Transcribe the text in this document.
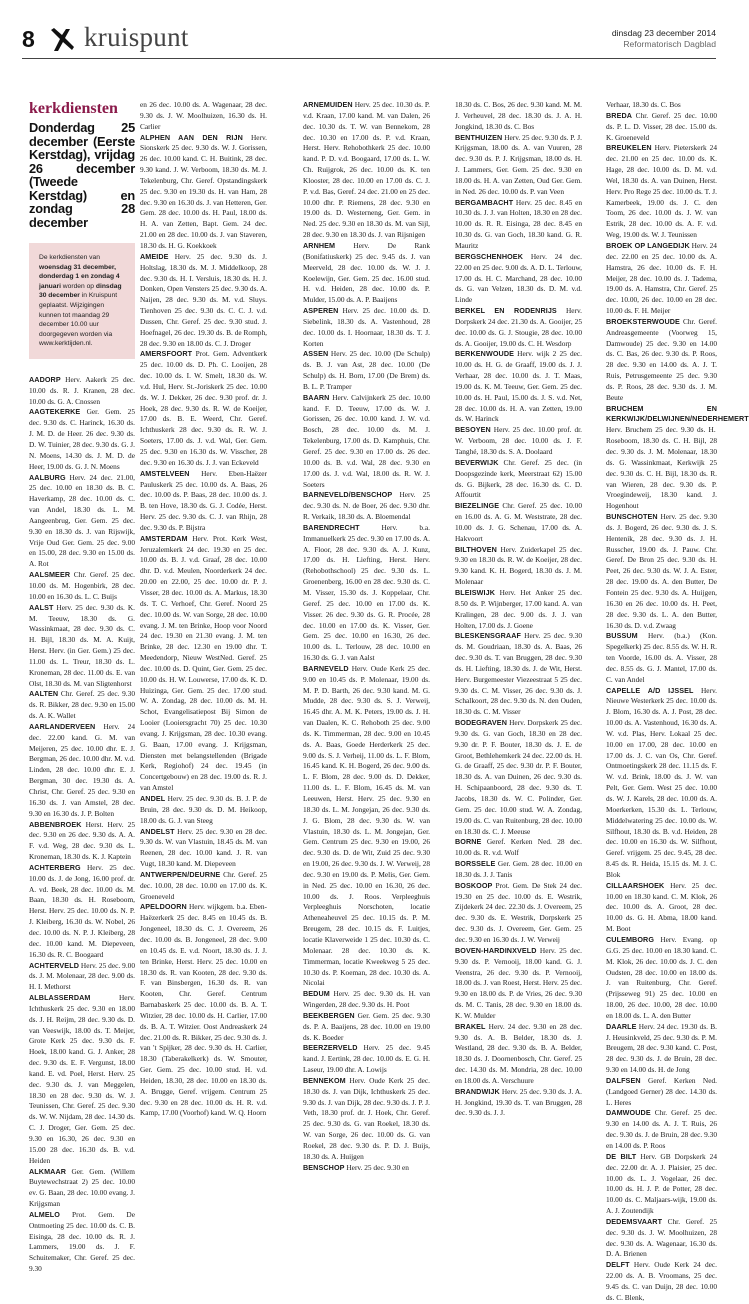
8 kruispunt	dinsdag 23 december 2014
Reformatorisch Dagblad
kerkdiensten
Donderdag 25 december (Eerste Kerstdag), vrijdag 26 december (Tweede Kerstdag) en zondag 28 december
De kerkdiensten van woensdag 31 december, donderdag 1 en zondag 4 januari worden op dinsdag 30 december in Kruispunt geplaatst. Wijzigingen kunnen tot maandag 29 december 10.00 uur doorgegeven worden via www.kerktijden.nl.

AADORP Herv. Aakerk 25 dec. 10.00 ds. R. J. Kranen, 28 dec. 10.00 ds. G. A. Cnossen

AAGTEKERKE Ger. Gem. 25 dec. 9.30 ds. C. Harinck, 16.30 ds. J. M. D. de Heer. 26 dec. 9.30 ds. D. W. Tuinier, 28 dec. 9.30 ds. G. J. N. Moens, 14.30 ds. J. M. D. de Heer, 19.00 ds. G. J. N. Moens

AALBURG Herv. 24 dec. 21.00, 25 dec. 10.00 en 18.30 ds. B. C. Haverkamp, 28 dec. 10.00 ds. C. van Andel, 18.30 ds. L. M. Aangeenbrug, Ger. Gem. 25 dec. 9.30 en 18.30 ds. J. van Rijswijk, Vrije Oud Ger. Gem. 25 dec. 9.00 en 15.00, 28 dec. 9.30 en 15.00 ds. A. Rot

AALSMEER Chr. Geref. 25 dec. 10.00 ds. M. Hogenbirk, 28 dec. 10.00 en 16.30 ds. L. C. Buijs

AALST Herv. 25 dec. 9.30 ds. K. M. Teeuw, 18.30 ds. G. Wassinkmaat, 28 dec. 9.30 ds. C. H. Bijl, 18.30 ds. M. A. Kuijt, Herst. Herv. (in Ger. Gem.) 25 dec. 11.00 ds. L. Treur, 18.30 ds. L. Kroneman, 28 dec. 11.00 ds. E. van Olst, 18.30 ds. M. van Sligtenhorst

AALTEN Chr. Geref. 25 dec. 9.30 ds. R. Bikker, 28 dec. 9.30 en 15.00 ds. A. K. Wallet

AARLANDERVEEN Herv. 24 dec. 22.00 kand. G. M. van Meijeren, 25 dec. 10.00 dhr. E. J. Bergman, 26 dec. 10.00 dhr. M. v.d. Linden, 28 dec. 10.00 dhr. E. J. Bergman, 30 dec. 19.30 ds. A. Christ, Chr. Geref. 25 dec. 9.30 en 16.30 ds. J. van Amstel, 28 dec. 9.30 en 16.30 ds. J. P. Bolten

ABBENBROEK Herst. Herv. 25 dec. 9.30 en 26 dec. 9.30 ds. A. A. F. v.d. Weg, 28 dec. 9.30 ds. L. Kroneman, 18.30 ds. K. J. Kaptein

ACHTERBERG Herv. 25 dec. 10.00 ds. J. de Jong, 16.00 prof. dr. A. vd. Beek, 28 dec. 10.00 ds. M. Baan, 18.30 ds. H. Roseboom, Herst. Herv. 25 dec. 10.00 ds. N. P. J. Kleiberg, 16.30 ds. W. Nobel, 26 dec. 10.00 ds. N. P. J. Kleiberg, 28 dec. 10.00 kand. M. Diepeveen, 16.30 ds. R. C. Boogaard

ACHTERVELD Herv. 25 dec. 9.00 ds. J. M. Molenaar, 28 dec. 9.00 ds. H. I. Methorst

ALBLASSERDAM Herv. Ichthuskerk 25 dec. 9.30 en 18.00 ds. J. H. Reijm, 28 dec. 9.30 ds. D. van Veeswijk, 18.00 ds. T. Meijer, Grote Kerk 25 dec. 9.30 ds. F. Hoek, 18.00 kand. G. J. Anker, 28 dec. 9.30 ds. E. F. Vergunst, 18.00 kand. E. vd. Poel, Herst. Herv. 25 dec. 9.30 ds. J. van Meggelen, 18.30 en 28 dec. 9.30 ds. W. J. Teunissen, Chr. Geref. 25 dec. 9.30 ds. W. W. Nijdam, 28 dec. 14.30 ds. C. J. Droger, Ger. Gem. 25 dec. 9.30 en 16.30, 26 dec. 9.30 en 15.00 28 dec. 16.30 ds. B. v.d. Heiden

ALKMAAR Ger. Gem. (Willem Buytewechstraat 2) 25 dec. 10.00 ev. G. Baan, 28 dec. 10.00 evang. J. Krijgsman

ALMELO Prot. Gem. De Ontmoeting 25 dec. 10.00 ds. C. B. Eisinga, 28 dec. 10.00 ds. R. J. Lammers, 19.00 ds. J. F. Schuitemaker, Chr. Geref. 25 dec. 9.30

en 26 dec. 10.00 ds. A. Wagenaar, 28 dec. 9.30 ds. J. W. Moolhuizen, 16.30 ds. H. Carlier

ALPHEN AAN DEN RIJN Herv. Sionskerk 25 dec. 9.30 ds. W. J. Gorissen, 26 dec. 10.00 kand. C. H. Buitink, 28 dec. 9.30 kand. J. W. Verboom, 18.30 ds. M. J. Tekelenburg, Chr. Geref. Opstandingskerk 25 dec. 9.30 en 19.30 ds. H. van Ham, 28 dec. 9.30 en 16.30 ds. J. van Hetteren, Ger. Gem. 28 dec. 10.00 ds. H. Paul, 18.00 ds. H. A. van Zetten, Bapt. Gem. 24 dec. 21.00 en 28 dec. 10.00 ds. J. van Staveren, 18.30 ds. H. G. Koekkoek

AMEIDE Herv. 25 dec. 9.30 ds. J. Holtslag, 18.30 ds. M. J. Middelkoop, 28 dec. 9.30 ds. H. I. Versluis, 18.30 ds. H. J. Donken, Open Vensters 25 dec. 9.30 ds. A. Naijen, 28 dec. 9.30 ds. M. v.d. Sluys. Tienhoven 25 dec. 9.30 ds. C. C. J. v.d. Dussen, Chr. Geref. 25 dec. 9.30 stud. J. Hoefnagel, 26 dec. 19.30 ds. B. de Romph, 28 dec. 9.30 en 18.00 ds. C. J. Droger

AMERSFOORT Prot. Gem. Adventkerk 25 dec. 10.00 ds. D. Ph. C. Looijen, 28 dec. 10.00 ds. I. W. Smelt, 18.30 ds. W. v.d. Hul, Herv. St.-Joriskerk 25 dec. 10.00 ds. W. J. Dekker, 26 dec. 9.30 prof. dr. J. Hoek, 28 dec. 9.30 ds. R. W. de Koeijer, 17.00 ds. B. E. Weerd, Chr. Geref. Ichthuskerk 28 dec. 9.30 ds. R. W. J. Soeters, 17.00 ds. J. v.d. Wal, Ger. Gem. 25 dec. 9.30 en 16.30 ds. W. Visscher, 28 dec. 9.30 en 16.30 ds. J. J. van Eckeveld

AMSTELVEEN Herv. Eben-Haëzer Pauluskerk 25 dec. 10.00 ds. A. Baas, 26 dec. 10.00 ds. P. Baas, 28 dec. 10.00 ds. J. B. ten Hove, 18.30 ds. G. J. Codée, Herst. Herv. 25 dec. 9.30 ds. C. J. van Rhijn, 28 dec. 9.30 ds. P. Bijstra

AMSTERDAM Herv. Prot. Kerk West, Jeruzalemkerk 24 dec. 19.30 en 25 dec. 10.00 ds. B. J. v.d. Graaf, 28 dec. 10.00 dhr. D. v.d. Meulen, Noorderkerk 24 dec. 20.00 en 22.00, 25 dec. 10.00 dr. P. J. Visser, 28 dec. 10.00 ds. A. Markus, 18.30 ds. T. C. Verhoef, Chr. Geref. Noord 25 dec. 10.00 ds. W. van Sorge, 28 dec. 10.00 evang. J. M. ten Brinke, Hoop voor Noord 24 dec. 19.30 en 21.30 evang. J. M. ten Brinke, 28 dec. 12.30 en 19.00 dhr. T. Meedendorp, Nieuw WestNed. Geref. 25 dec. 10.00 ds. D. Quint, Ger. Gem. 25 dec. 10.00 ds. H. W. Louwerse, 17.00 ds. K. D. Huizinga, Ger. Gem. 25 dec. 17.00 stud. W. A. Zondag, 28 dec. 10.00 ds. M. H. Schot, Evangelisatiepost Bij Simon de Looier (Looiersgracht 70) 25 dec. 10.30 evang. J. Krijgsman, 28 dec. 10.30 evang. G. Baan, 17.00 evang. J. Krijgsman, Diensten met belangstellenden (Brigade Kerk, Regiohof) 24 dec. 19.45 (in Concertgebouw) en 28 dec. 19.00 ds. R. J. van Amstel

ANDEL Herv. 25 dec. 9.30 ds. B. J. P. de Bruin, 28 dec. 9.30 ds. D. M. Heikoop, 18.00 ds. G. J. van Steeg

ANDELST Herv. 25 dec. 9.30 en 28 dec. 9.30 ds. W. van Vlastuin, 18.45 ds. M. van Reenen, 28 dec. 10.00 kand. J. R. van Vugt, 18.30 kand. M. Diepeveen

ANTWERPEN/DEURNE Chr. Geref. 25 dec. 10.00, 28 dec. 10.00 en 17.00 ds. K. Groeneveld

APELDOORN Herv. wijkgem. b.a. Eben-Haëzerkerk 25 dec. 8.45 en 10.45 ds. B. Jongeneel, 18.30 ds. C. J. Overeem, 26 dec. 10.00 ds. B. Jongeneel, 28 dec. 9.00 en 10.45 ds. E. v.d. Noort, 18.30 ds. J. J. ten Brinke, Herst. Herv. 25 dec. 10.00 en 18.30 ds. R. van Kooten, 28 dec. 9.30 ds. F. van Binsbergen, 16.30 ds. R. van Kooten, Chr. Geref. Centrum Barnabaskerk 25 dec. 10.00 ds. B. A. T. Witzier, 28 dec. 10.00 ds. H. Carlier, 17.00 ds. B. A. T. Witzier. Oost Andreaskerk 24 dec. 21.00 ds. R. Bikker, 25 dec. 9.30 ds. J. van 't Spijker, 28 dec. 9.30 ds. H. Carlier, 18.30 (Taberakelkerk) ds. W. Smouter, Ger. Gem. 25 dec. 10.00 stud. H. v.d. Heiden, 18.30, 28 dec. 10.00 en 18.30 ds. A. Brugge, Geref. vrijgem. Centrum 25 dec. 9.30 en 28 dec. 10.00 ds. H. R. v.d. Kamp, 17.00 (Voorhof) kand. W. Q. Hoorn

ARNEMUIDEN Herv. 25 dec. 10.30 ds. P. v.d. Kraan, 17.00 kand. M. van Dalen, 26 dec. 10.30 ds. T. W. van Bennekom, 28 dec. 10.30 en 17.00 ds. P. v.d. Kraan, Herst. Herv. Rehobothkerk 25 dec. 10.00 kand. P. D. v.d. Boogaard, 17.00 ds. L. W. Ch. Ruijgrok, 26 dec. 10.00 ds. K. ten Klooster, 28 dec. 10.00 en 17.00 ds. C. J. P. v.d. Bas, Geref. 24 dec. 21.00 en 25 dec. 10.00 dhr. P. Riemens, 28 dec. 9.30 en 19.00 ds. D. Westerneng, Ger. Gem. in Ned. 25 dec. 9.30 en 18.30 ds. M. van Sijl, 28 dec. 9.30 en 18.30 ds. J. van Rijsnigen

ARNHEM Herv. De Rank (Bonifatiuskerk) 25 dec. 9.45 ds. J. van Meerveld, 28 dec. 10.00 ds. W. J. J. Koelewijn, Ger. Gem. 25 dec. 16.00 stud. H. v.d. Heiden, 28 dec. 10.00 ds. P. Mulder, 15.00 ds. A. P. Baaijens

ASPEREN Herv. 25 dec. 10.00 ds. D. Siebelink, 18.30 ds. A. Vastenhoud, 28 dec. 10.00 ds. I. Hoornaar, 18.30 ds. T. J. Korten

ASSEN Herv. 25 dec. 10.00 (De Schulp) ds. B. J. van Ast, 28 dec. 10.00 (De Schulp) ds. H. Born, 17.00 (De Brem) ds. B. L. P. Tramper

BAARN Herv. Calvijnkerk 25 dec. 10.00 kand. F. D. Teeuw, 17.00 ds. W. J. Gorissen, 26 dec. 10.00 kand. J. W. v.d. Bosch, 28 dec. 10.00 ds. M. J. Tekelenburg, 17.00 ds. D. Kamphuis, Chr. Geref. 25 dec. 9.30 en 17.00 ds. 26 dec. 10.00 ds. B. v.d. Wal, 28 dec. 9.30 en 17.00 ds. J. v.d. Wal, 18.00 ds. R. W. J. Soeters

BARNEVELD/BENSCHOP Herv. 25 dec. 9.30 ds. N. de Boer, 26 dec. 9.30 dhr. R. Verkaik, 18.30 ds. A. Bloemendal

BARENDRECHT Herv. b.a. Immanuelkerk 25 dec. 9.30 en 17.00 ds. A. A. Floor, 28 dec. 9.30 ds. A. J. Kunz, 17.00 ds. H. Liefting, Herst. Herv. (Rehobothschool) 25 dec. 9.30 ds. L. Groenenberg, 16.00 en 28 dec. 9.30 ds. C. M. Visser, 15.30 ds. J. Koppelaar, Chr. Geref. 25 dec. 10.00 en 17.00 ds. K. Visser. 26 dec. 9.30 ds. G. R. Procée, 28 dec. 10.00 en 17.00 ds. K. Visser, Ger. Gem. 25 dec. 10.00 en 16.30, 26 dec. 10.00 ds. L. Terlouw, 28 dec. 10.00 en 16.30 ds. G. J. van Aalst

BARNEVELD Herv. Oude Kerk 25 dec. 9.00 en 10.45 ds. P. Molenaar, 19.00 ds. M. P. D. Barth, 26 dec. 9.30 kand. M. G. Mudde, 28 dec. 9.30 ds. S. J. Verweij, 16.45 dhr. A. M. K. Peters, 19.00 ds. J. H. van Daalen, K. C. Rehoboth 25 dec. 9.00 ds. K. Timmerman, 28 dec. 9.00 en 10.45 ds. A. Baas, Goede Herderkerk 25 dec. 9.00 ds. S. J. Verheij, 11.00 ds. L. F. Blom, 16.45 kand. K. H. Bogerd, 26 dec. 9.00 ds. L. F. Blom, 28 dec. 9.00 ds. D. Dekker, 11.00 ds. L. F. Blom, 16.45 ds. M. van Leeuwen, Herst. Herv. 25 dec. 9.30 en 18.30 ds. L. M. Jongejan, 26 dec. 9.30 ds. J. G. Blom, 28 dec. 9.30 ds. W. van Vlastuin, 18.30 ds. L. M. Jongejan, Ger. Gem. Centrum 25 dec. 9.30 en 19.00, 26 dec. 9.30 ds. D. de Wit, Zuid 25 dec. 9.30 en 19.00, 26 dec. 9.30 ds. J. W. Verweij, 28 dec. 9.30 en 19.00 ds. P. Melis, Ger. Gem. in Ned. 25 dec. 10.00 en 16.30, 26 dec. 10.00 ds. J. Roos. Verpleeghuis Verpleeghuis Norschoten, locatie Atheneaheuvel 25 dec. 10.15 ds. P. M. Breugem, 28 dec. 10.15 ds. F. Luitjes, locatie Klaverweide 1 25 dec. 10.30 ds. C. Molenaar. 28 dec. 10.30 ds. K. Timmerman, locatie Kweekweg 5 25 dec. 10.30 ds. P. Koeman, 28 dec. 10.30 ds. A. Nicolai

BEDUM Herv. 25 dec. 9.30 ds. H. van Wingerden, 28 dec. 9.30 ds. H. Poot

BEEKBERGEN Ger. Gem. 25 dec. 9.30 ds. P. A. Baaijens, 28 dec. 10.00 en 19.00 ds. K. Boeder

BEERZERVELD Herv. 25 dec. 9.45 kand. J. Eertink, 28 dec. 10.00 ds. E. G. H. Laseur, 19.00 dhr. A. Lowijs

BENNEKOM Herv. Oude Kerk 25 dec. 18.30 ds. J. van Dijk, Ichthuskerk 25 dec. 9.30 ds. J. van Dijk, 28 dec. 9.30 ds. J. P. J. Veth, 18.30 prof. dr. J. Hoek, Chr. Geref. 25 dec. 9.30 ds. G. van Roekel, 18.30 ds. W. van Sorge, 26 dec. 10.00 ds. G. van Roekel, 28 dec. 9.30 ds. P. D. J. Buijs, 18.30 ds. A. Huijgen

BENSCHOP Herv. 25 dec. 9.30 en

18.30 ds. C. Bos, 26 dec. 9.30 kand. M. M. J. Verheuvel, 28 dec. 18.30 ds. J. A. H. Jongkind, 18.30 ds. C. Bos

BENTHUIZEN Herv. 25 dec. 9.30 ds. P. J. Krijgsman, 18.00 ds. A. van Vuuren, 28 dec. 9.30 ds. P. J. Krijgsman, 18.00 ds. H. J. Lammers, Ger. Gem. 25 dec. 9.30 en 18.00 ds. H. A. van Zetten, Oud Ger. Gem. in Ned. 26 dec. 10.00 ds. P. van Veen

BERGAMBACHT Herv. 25 dec. 8.45 en 10.30 ds. J. J. van Holten, 18.30 en 28 dec. 10.00 ds. R. R. Eisinga, 28 dec. 8.45 en 10.30 ds. G. van Goch, 18.30 kand. G. R. Mauritz

BERGSCHENHOEK Herv. 24 dec. 22.00 en 25 dec. 9.00 ds. A. D. L. Terlouw, 17.00 ds. H. C. Marchand, 28 dec. 10.00 ds. G. van Velzen, 18.30 ds. D. M. v.d. Linde

BERKEL EN RODENRIJS Herv. Dorpskerk 24 dec. 21.30 ds. A. Gooijer, 25 dec. 10.00 ds. G. J. Stougie, 28 dec. 10.00 ds. A. Gooijer, 19.00 ds. C. H. Wesdorp

BERKENWOUDE Herv. wijk 2 25 dec. 10.00 ds. H. G. de Graaff, 19.00 ds. J. J. Verhaar, 28 dec. 10.00 ds. J. T. Maas, 19.00 ds. K. M. Teeuw, Ger. Gem. 25 dec. 10.00 ds. H. Paul, 15.00 ds. J. S. v.d. Net, 28 dec. 10.00 ds. H. A. van Zetten, 19.00 ds. W. Harinck

BESOYEN Herv. 25 dec. 10.00 prof. dr. W. Verboom, 28 dec. 10.00 ds. J. F. Tanghé, 18.30 ds. S. A. Doolaard

BEVERWIJK Chr. Geref. 25 dec. (in Doopsgezinde kerk, Meerstraat 62) 15.00 ds. G. Bijkerk, 28 dec. 16.30 ds. C. D. Affourtit

BIEZELINGE Chr. Geref. 25 dec. 10.00 en 16.00 ds. A. G. M. Weststrate, 28 dec. 10.00 ds. J. G. Schenau, 17.00 ds. A. Hakvoort

BILTHOVEN Herv. Zuiderkapel 25 dec. 9.30 en 18.30 ds. R. W. de Koeijer, 28 dec. 9.30 kand. K. H. Bogerd, 18.30 ds. J. M. Molenaar

BLEISWIJK Herv. Het Anker 25 dec. 8.50 ds. P. Wijnberger, 17.00 kand. A. van Kralingen, 28 dec. 9.00 ds. J. J. van Holten, 17.00 ds. J. Goene

BLESKENSGRAAF Herv. 25 dec. 9.30 ds. M. Goudriaan, 18.30 ds. A. Baas, 26 dec. 9.30 ds. T. van Bruggen, 28 dec. 9.30 ds. H. Liefting, 18.30 ds. J. de Wit, Herst. Herv. Burgemeester Viezeestraat 5 25 dec. 9.30 ds. C. M. Visser, 26 dec. 9.30 ds. J. Schalkoort, 28 dec. 9.30 ds. N. den Ouden, 18.30 ds. C. M. Visser

BODEGRAVEN Herv. Dorpskerk 25 dec. 9.30 ds. G. van Goch, 18.30 en 28 dec. 9.30 dr. P. F. Bouter, 18.30 ds. J. E. de Groot, Bethlehemkerk 24 dec. 22.00 ds. H. G. de Graaff, 25 dec. 9.30 dr. P. F. Bouter, 18.30 ds. A. van Duinen, 26 dec. 9.30 ds. H. Schipaanboord, 28 dec. 9.30 ds. T. Jacobs, 18.30 ds. W. C. Polinder, Ger. Gem. 25 dec. 10.00 stud. W. A. Zondag, 19.00 ds. C. van Ruitenburg, 28 dec. 10.00 en 18.30 ds. C. J. Meeuse

BORNE Geref. Kerken Ned. 28 dec. 10.00 ds. R. v.d. Wolf

BORSSELE Ger. Gem. 28 dec. 10.00 en 18.30 ds. J. J. Tanis

BOSKOOP Prot. Gem. De Stek 24 dec. 19.30 en 25 dec. 10.00 ds. E. Westrik, Zijdekerk 24 dec. 22.30 ds. J. Overeem, 25 dec. 9.30 ds. E. Westrik, Dorpskerk 25 dec. 9.30 ds. J. Overeem, Ger. Gem. 25 dec. 9.30 en 16.30 ds. J. W. Verweij

BOVEN-HARDINXVELD Herv. 25 dec. 9.30 ds. P. Vernooij, 18.00 kand. G. J. Veenstra, 26 dec. 9.30 ds. P. Vernooij, 18.00 ds. J. van Roest, Herst. Herv. 25 dec. 9.30 en 18.00 ds. P. de Vries, 26 dec. 9.30 ds. M. C. Tanis, 28 dec. 9.30 en 18.00 ds. K. W. Mulder

BRAKEL Herv. 24 dec. 9.30 en 28 dec. 9.30 ds. A. B. Belder, 18.30 ds. J. Westland, 28 dec. 9.30 ds. B. A. Belder, 18.30 ds. J. Doornenbosch, Chr. Geref. 25 dec. 14.30 ds. M. Mondria, 28 dec. 10.00 en 18.00 ds. A. Verschuure

BRANDWIJK Herv. 25 dec. 9.30 ds. J. A. H. Jongkind, 19.30 ds. T. van Bruggen, 28 dec. 9.30 ds. J. J.

Verhaar, 18.30 ds. C. Bos

BREDA Chr. Geref. 25 dec. 10.00 ds. P. L. D. Visser, 28 dec. 15.00 ds. K. Groeneveld

BREUKELEN Herv. Pieterskerk 24 dec. 21.00 en 25 dec. 10.00 ds. K. Hage, 28 dec. 10.00 ds. D. M. v.d. Wel, 18.30 ds. A. van Duinen, Herst. Herv. Pro Rege 25 dec. 10.00 ds. T. J. Kamerbeek, 19.00 ds. J. C. den Toom, 26 dec. 10.00 ds. J. W. van Estrik, 28 dec. 10.00 ds. A. F. v.d. Weg, 19.00 ds. W. J. Teunissen

BROEK OP LANGEDIJK Herv. 24 dec. 22.00 en 25 dec. 10.00 ds. A. Hamstra, 26 dec. 10.00 ds. F. H. Meijer, 28 dec. 10.00 ds. J. Tadema, 19.00 ds. A. Hamstra, Chr. Geref. 25 dec. 10.00, 26 dec. 10.00 en 28 dec. 10.00 ds. F. H. Meijer

BROEKSTERWOUDE Chr. Geref. Andreasgemeente (Voorweg 15, Damwoude) 25 dec. 9.30 en 14.00 ds. C. Bas, 26 dec. 9.30 ds. P. Roos, 28 dec. 9.30 en 14.00 ds. A. J. T. Ruis, Petrusgemeente 25 dec. 9.30 ds. P. Roos, 28 dec. 9.30 ds. J. M. Beute

BRUCHEM EN KERKWIJK/DELWIJNEN/NEDERHEMERT Herv. Bruchem 25 dec. 9.30 ds. H. Roseboom, 18.30 ds. C. H. Bijl, 28 dec. 9.30 ds. J. M. Molenaar, 18.30 ds. G. Wassinkmaat, Kerkwijk 25 dec. 9.30 ds. C. H. Bijl, 18.30 ds. R. van Wieren, 28 dec. 9.30 ds. P. Vroegindeweij, 18.30 kand. J. Hogenhout

BUNSCHOTEN Herv. 25 dec. 9.30 ds. J. Bogerd, 26 dec. 9.30 ds. J. S. Hentenik, 28 dec. 9.30 ds. J. H. Russcher, 19.00 ds. J. Pauw. Chr. Geref. De Bron 25 dec. 9.30 ds. H. Peet, 26 dec. 9.30 ds. W. J. A. Ester, 28 dec. 19.00 ds. A. den Butter, De Fontein 25 dec. 9.30 ds. A. Huijgen, 16.30 en 26 dec. 10.00 ds. H. Peet, 28 dec. 9.30 ds. L. A. den Butter, 16.30 ds. D. v.d. Zwaag

BUSSUM Herv. (b.a.) (Kon. Spegelkerk) 25 dec. 8.55 ds. W. H. R. ten Voorde, 16.00 ds. A. Visser, 28 dec. 8.55 ds. G. J. Mantel, 17.00 ds. C. van Andel

CAPELLE A/D IJSSEL Herv. Nieuwe Westerkerk 25 dec. 10.00 ds. J. Blom, 16.30 ds. A. J. Post, 28 dec. 10.00 ds. A. Vastenhoud, 16.30 ds. A. W. v.d. Plas, Herv. Lokaal 25 dec. 10.00 en 17.00, 28 dec. 10.00 en 17.00 ds. J. C. van Os, Chr. Geref. Ontmoetingskerk 28 dec. 11.15 ds. F. W. v.d. Brink, 18.00 ds. J. W. van Pelt, Ger. Gem. West 25 dec. 10.00 ds. W. J. Karels, 28 dec. 10.00 ds. A. Moerkerken, 15.30 ds. L. Terlouw, Middelwatering 25 dec. 10.00 ds. W. Silfhout, 18.30 ds. B. v.d. Heiden, 28 dec. 10.00 en 16.30 ds. W. Silfhout, Geref. vrijgem. 25 dec. 9.45, 28 dec. 8.45 ds. R. Heida, 15.15 ds. M. J. C. Blok

CILLAARSHOEK Herv. 25 dec. 10.00 en 18.30 kand. C. M. Klok, 26 dec. 10.00 ds. A. Groot, 28 dec. 10.00 ds. G. H. Abma, 18.00 kand. M. Boot

CULEMBORG Herv. Evang. op G.G. 25 dec. 10.00 en 18.30 kand. C. M. Klok, 26 dec. 10.00 ds. J. C. den Oudsten, 28 dec. 10.00 en 18.00 ds. J. van Ruitenburg, Chr. Geref. (Prijsseweg 91) 25 dec. 10.00 en 18.00, 26 dec. 10.00, 28 dec. 10.00 en 18.00 ds. L. A. den Butter

DAARLE Herv. 24 dec. 19.30 ds. B. J. Heusinkveld, 25 dec. 9.30 ds. P. M. Breugem, 28 dec. 9.30 kand. C. Post, 28 dec. 9.30 ds. J. de Bruin, 28 dec. 9.30 en 14.00 ds. H. de Jong

DALFSEN Geref. Kerken Ned. (Landgoed Gerner) 28 dec. 14.30 ds. L. Heres

DAMWOUDE Chr. Geref. 25 dec. 9.30 en 14.00 ds. A. J. T. Ruis, 26 dec. 9.30 ds. J. de Bruin, 28 dec. 9.30 en 14.00 ds. P. Roos

DE BILT Herv. GB Dorpskerk 24 dec. 22.00 dr. A. J. Plaisier, 25 dec. 10.00 ds. L. J. Vogelaar, 26 dec. 10.00 ds. H. J. P. de Potter, 28 dec. 10.00 ds. C. Maljaars-wijk, 19.00 ds. A. J. Zoutendijk

DEDEMSVAART Chr. Geref. 25 dec. 9.30 ds. J. W. Moolhuizen, 28 dec. 9.30 ds. A. Wagenaar, 16.30 ds. D. A. Brienen

DELFT Herv. Oude Kerk 24 dec. 22.00 ds. A. B. Vroomans, 25 dec. 9.45 ds. C. van Duijn, 28 dec. 10.00 ds. C. Blenk,
